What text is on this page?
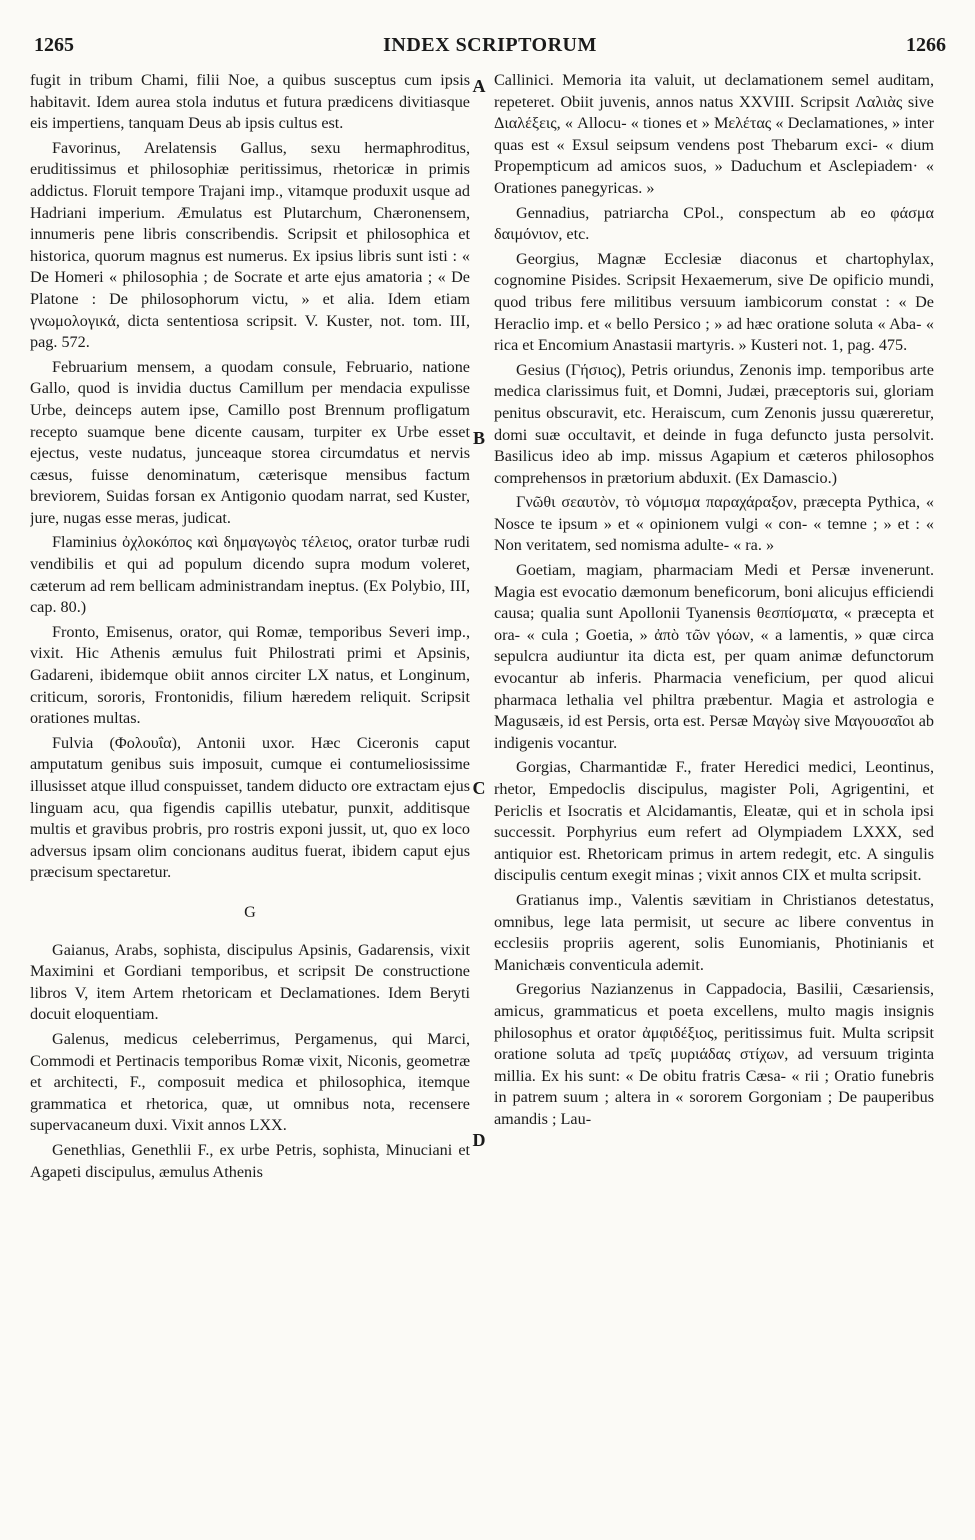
1265	INDEX SCRIPTORUM	1266

fugit in tribum Chami, filii Noe, a quibus susceptus cum ipsis habitavit. Idem aurea stola indutus et futura prædicens divitiasque eis impertiens, tanquam Deus ab ipsis cultus est.

Favorinus, Arelatensis Gallus, sexu hermaphroditus, eruditissimus et philosophiæ peritissimus, rhetoricæ in primis addictus. Floruit tempore Trajani imp., vitamque produxit usque ad Hadriani imperium. Æmulatus est Plutarchum, Chæronensem, innumeris pene libris conscribendis. Scripsit et philosophica et historica, quorum magnus est numerus. Ex ipsius libris sunt isti : « De Homeri « philosophia ; de Socrate et arte ejus amatoria ; « De Platone : De philosophorum victu, » et alia. Idem etiam γνωμολογικά, dicta sententiosa scripsit. V. Kuster, not. tom. III, pag. 572.

Februarium mensem, a quodam consule, Februario, natione Gallo, quod is invidia ductus Camillum per mendacia expulisse Urbe, deinceps autem ipse, Camillo post Brennum profligatum recepto suamque bene dicente causam, turpiter ex Urbe esset ejectus, veste nudatus, junceaque storea circumdatus et nervis cæsus, fuisse denominatum, cæterisque mensibus factum breviorem, Suidas forsan ex Antigonio quodam narrat, sed Kuster, jure, nugas esse meras, judicat.

Flaminius ὀχλοκόπος καὶ δημαγωγὸς τέλειος, orator turbæ rudi vendibilis et qui ad populum dicendo supra modum voleret, cæterum ad rem bellicam administrandam ineptus. (Ex Polybio, III, cap. 80.)

Fronto, Emisenus, orator, qui Romæ, temporibus Severi imp., vixit. Hic Athenis æmulus fuit Philostrati primi et Apsinis, Gadareni, ibidemque obiit annos circiter LX natus, et Longinum, criticum, sororis, Frontonidis, filium hæredem reliquit. Scripsit orationes multas.

Fulvia (Φολουΐα), Antonii uxor. Hæc Ciceronis caput amputatum genibus suis imposuit, cumque ei contumeliosissime illusisset atque illud conspuisset, tandem diducto ore extractam ejus linguam acu, qua figendis capillis utebatur, punxit, additisque multis et gravibus probris, pro rostris exponi jussit, ut, quo ex loco adversus ipsam olim concionans auditus fuerat, ibidem caput ejus præcisum spectaretur.

G

Gaianus, Arabs, sophista, discipulus Apsinis, Gadarensis, vixit Maximini et Gordiani temporibus, et scripsit De constructione libros V, item Artem rhetoricam et Declamationes. Idem Beryti docuit eloquentiam.

Galenus, medicus celeberrimus, Pergamenus, qui Marci, Commodi et Pertinacis temporibus Romæ vixit, Niconis, geometræ et architecti, F., composuit medica et philosophica, itemque grammatica et rhetorica, quæ, ut omnibus nota, recensere supervacaneum duxi. Vixit annos LXX.

Genethlias, Genethlii F., ex urbe Petris, sophista, Minuciani et Agapeti discipulus, æmulus Athenis

A
B
C
D

Callinici. Memoria ita valuit, ut declamationem semel auditam, repeteret. Obiit juvenis, annos natus XXVIII. Scripsit Λαλιὰς sive Διαλέξεις, « Allocu- « tiones et » Μελέτας « Declamationes, » inter quas est « Exsul seipsum vendens post Thebarum exci- « dium Propempticum ad amicos suos, » Daduchum et Asclepiadem· « Orationes panegyricas. »

Gennadius, patriarcha CPol., conspectum ab eo φάσμα δαιμόνιον, etc.

Georgius, Magnæ Ecclesiæ diaconus et chartophylax, cognomine Pisides. Scripsit Hexaemerum, sive De opificio mundi, quod tribus fere militibus versuum iambicorum constat : « De Heraclio imp. et « bello Persico ; » ad hæc oratione soluta « Aba- « rica et Encomium Anastasii martyris. » Kusteri not. 1, pag. 475.

Gesius (Γήσιος), Petris oriundus, Zenonis imp. temporibus arte medica clarissimus fuit, et Domni, Judæi, præceptoris sui, gloriam penitus obscuravit, etc. Heraiscum, cum Zenonis jussu quæreretur, domi suæ occultavit, et deinde in fuga defuncto justa persolvit. Basilicus ideo ab imp. missus Agapium et cæteros philosophos comprehensos in prætorium abduxit. (Ex Damascio.)

Γνῶθι σεαυτὸν, τὸ νόμισμα παραχάραξον, præcepta Pythica, « Nosce te ipsum » et « opinionem vulgi « con- « temne ; » et : « Non veritatem, sed nomisma adulte- « ra. »

Goetiam, magiam, pharmaciam Medi et Persæ invenerunt. Magia est evocatio dæmonum beneficorum, boni alicujus efficiendi causa; qualia sunt Apollonii Tyanensis θεσπίσματα, « præcepta et ora- « cula ; Goetia, » ἀπὸ τῶν γόων, « a lamentis, » quæ circa sepulcra audiuntur ita dicta est, per quam animæ defunctorum evocantur ab inferis. Pharmacia veneficium, per quod alicui pharmaca lethalia vel philtra præbentur. Magia et astrologia e Magusæis, id est Persis, orta est. Persæ Μαγὼγ sive Μαγουσαῖοι ab indigenis vocantur.

Gorgias, Charmantidæ F., frater Heredici medici, Leontinus, rhetor, Empedoclis discipulus, magister Poli, Agrigentini, et Periclis et Isocratis et Alcidamantis, Eleatæ, qui et in schola ipsi successit. Porphyrius eum refert ad Olympiadem LXXX, sed antiquior est. Rhetoricam primus in artem redegit, etc. A singulis discipulis centum exegit minas ; vixit annos CIX et multa scripsit.

Gratianus imp., Valentis sævitiam in Christianos detestatus, omnibus, lege lata permisit, ut secure ac libere conventus in ecclesiis propriis agerent, solis Eunomianis, Photinianis et Manichæis conventicula ademit.

Gregorius Nazianzenus in Cappadocia, Basilii, Cæsariensis, amicus, grammaticus et poeta excellens, multo magis insignis philosophus et orator ἀμφιδέξιος, peritissimus fuit. Multa scripsit oratione soluta ad τρεῖς μυριάδας στίχων, ad versuum triginta millia. Ex his sunt: « De obitu fratris Cæsa- « rii ; Oratio funebris in patrem suum ; altera in « sororem Gorgoniam ; De pauperibus amandis ; Lau-
